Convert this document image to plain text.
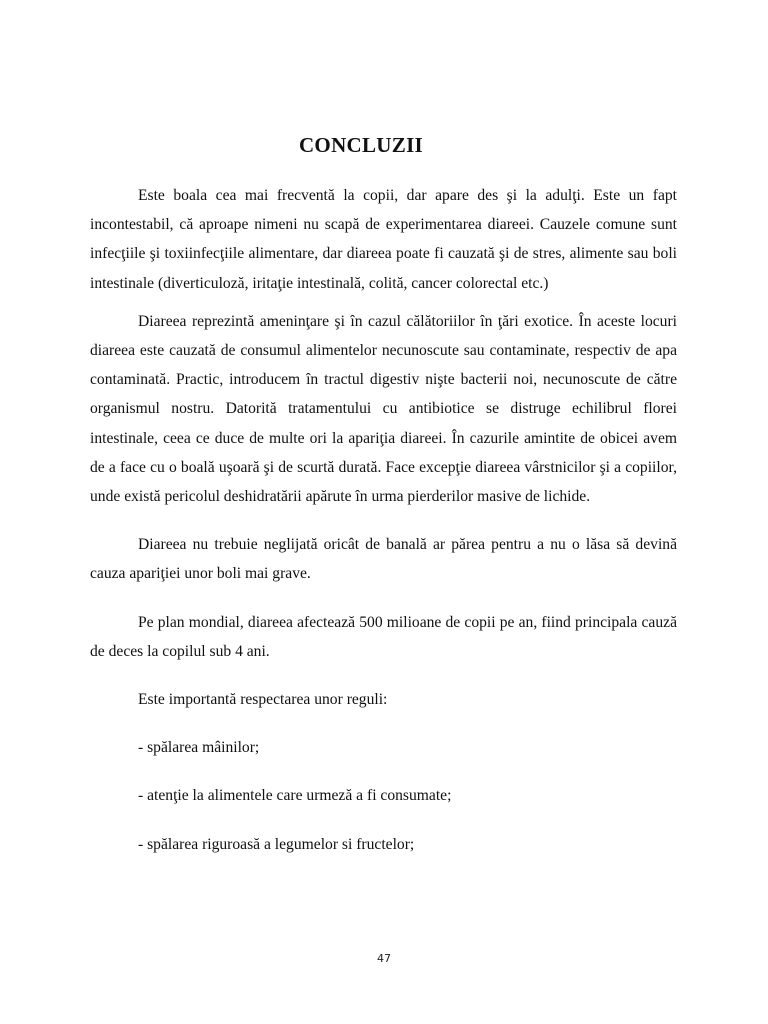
CONCLUZII

Este boala cea mai frecventă la copii, dar apare des şi la adulţi. Este un fapt incontestabil, că aproape nimeni nu scapă de experimentarea diareei. Cauzele comune sunt infecţiile şi toxiinfecţiile alimentare, dar diareea poate fi cauzată şi de stres, alimente sau boli intestinale (diverticuloză, iritaţie intestinală, colită, cancer colorectal etc.)

Diareea reprezintă ameninţare şi în cazul călătoriilor în ţări exotice. În aceste locuri diareea este cauzată de consumul alimentelor necunoscute sau contaminate, respectiv de apa contaminată. Practic, introducem în tractul digestiv nişte bacterii noi, necunoscute de către organismul nostru. Datorită tratamentului cu antibiotice se distruge echilibrul florei intestinale, ceea ce duce de multe ori la apariţia diareei. În cazurile amintite de obicei avem de a face cu o boală uşoară şi de scurtă durată. Face excepţie diareea vârstnicilor şi a copiilor, unde există pericolul deshidratării apărute în urma pierderilor masive de lichide.

Diareea nu trebuie neglijată oricât de banală ar părea pentru a nu o lăsa să devină cauza apariţiei unor boli mai grave.

Pe plan mondial, diareea afectează 500 milioane de copii pe an, fiind principala cauză de deces la copilul sub 4 ani.

Este importantă respectarea unor reguli:

- spălarea mâinilor;

- atenţie la alimentele care urmeză a fi consumate;

- spălarea riguroasă a legumelor si fructelor;

47
